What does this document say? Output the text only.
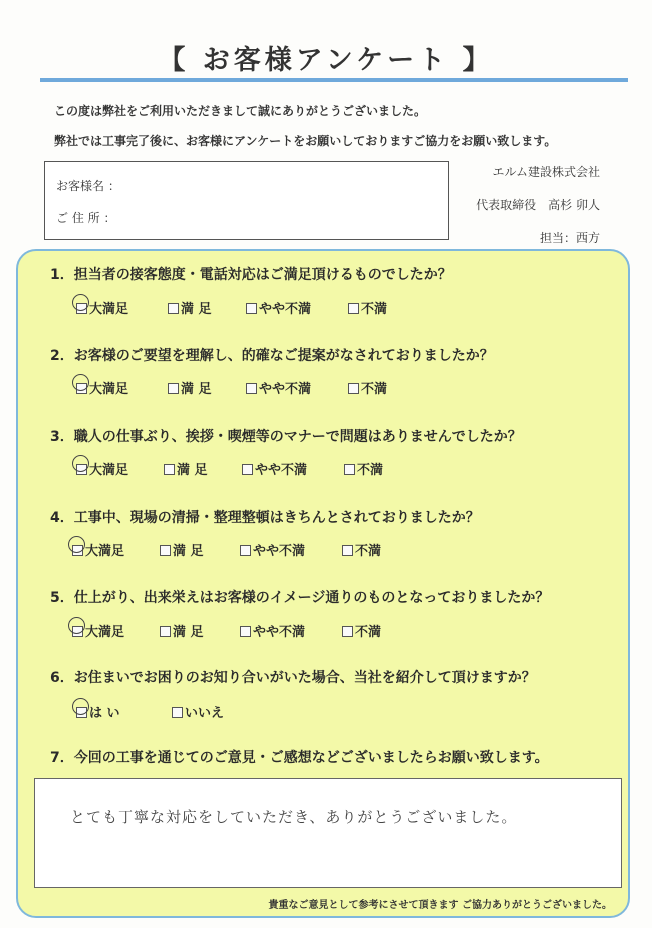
【 お客様アンケート 】
この度は弊社をご利用いただきまして誠にありがとうございました。
弊社では工事完了後に、お客様にアンケートをお願いしておりますご協力をお願い致します。
お客様名 ：
ご 住 所 ：
エルム建設株式会社
代表取締役　高杉 卯人
担当：西方
1．担当者の接客態度・電話対応はご満足頂けるものでしたか？
大満足	満 足	やや不満	不満
2．お客様のご要望を理解し、的確なご提案がなされておりましたか？
大満足	満 足	やや不満	不満
3．職人の仕事ぶり、挨拶・喫煙等のマナーで問題はありませんでしたか？
大満足	満 足	やや不満	不満
4．工事中、現場の清掃・整理整頓はきちんとされておりましたか？
大満足	満 足	やや不満	不満
5．仕上がり、出来栄えはお客様のイメージ通りのものとなっておりましたか？
大満足	満 足	やや不満	不満
6．お住まいでお困りのお知り合いがいた場合、当社を紹介して頂けますか？
は い	いいえ
7．今回の工事を通じてのご意見・ご感想などございましたらお願い致します。
とても丁寧な対応をしていただき、ありがとうございました。
貴重なご意見として参考にさせて頂きます ご協力ありがとうございました。
